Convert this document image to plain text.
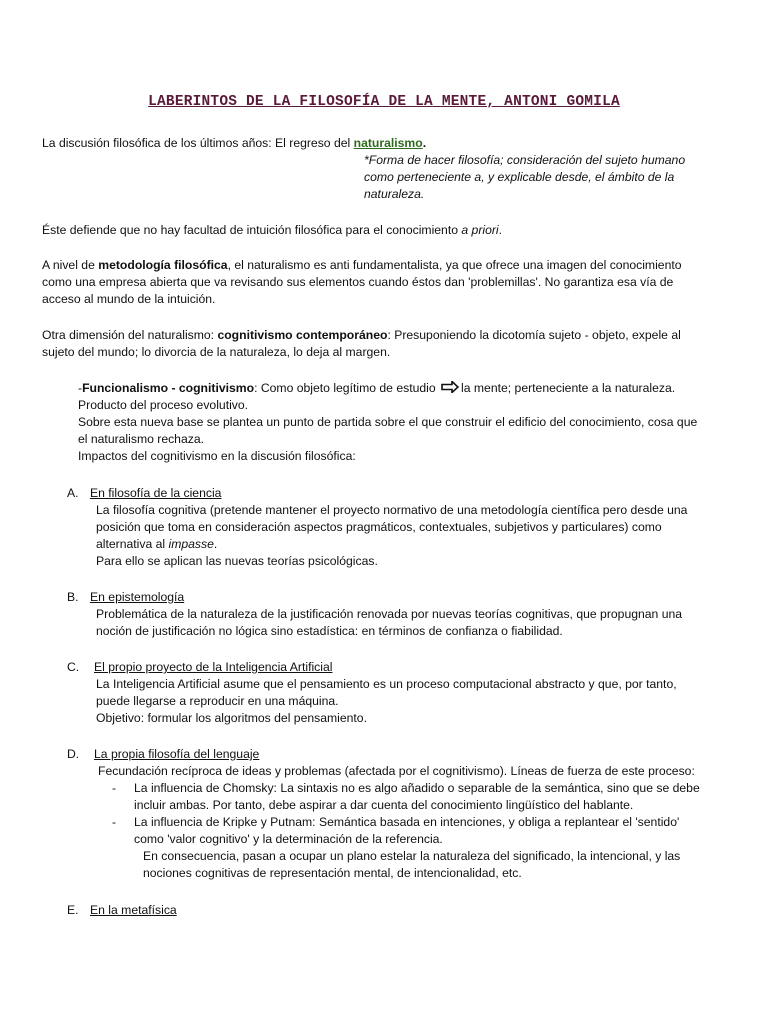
LABERINTOS DE LA FILOSOFÍA DE LA MENTE, ANTONI GOMILA
La discusión filosófica de los últimos años: El regreso del naturalismo.
*Forma de hacer filosofía; consideración del sujeto humano
como perteneciente a, y explicable desde, el ámbito de la
naturaleza.
Éste defiende que no hay facultad de intuición filosófica para el conocimiento a priori.
A nivel de metodología filosófica, el naturalismo es anti fundamentalista, ya que ofrece una imagen del conocimiento
como una empresa abierta que va revisando sus elementos cuando éstos dan 'problemillas'. No garantiza esa vía de
acceso al mundo de la intuición.
Otra dimensión del naturalismo: cognitivismo contemporáneo: Presuponiendo la dicotomía sujeto - objeto, expele al
sujeto del mundo; lo divorcia de la naturaleza, lo deja al margen.
-Funcionalismo - cognitivismo: Como objeto legítimo de estudio la mente; perteneciente a la naturaleza.
Producto del proceso evolutivo.
Sobre esta nueva base se plantea un punto de partida sobre el que construir el edificio del conocimiento, cosa que
el naturalismo rechaza.
Impactos del cognitivismo en la discusión filosófica:
A. En filosofía de la ciencia
La filosofía cognitiva (pretende mantener el proyecto normativo de una metodología científica pero desde una
posición que toma en consideración aspectos pragmáticos, contextuales, subjetivos y particulares) como
alternativa al impasse.
Para ello se aplican las nuevas teorías psicológicas.
B. En epistemología
Problemática de la naturaleza de la justificación renovada por nuevas teorías cognitivas, que propugnan una
noción de justificación no lógica sino estadística: en términos de confianza o fiabilidad.
C. El propio proyecto de la Inteligencia Artificial
La Inteligencia Artificial asume que el pensamiento es un proceso computacional abstracto y que, por tanto,
puede llegarse a reproducir en una máquina.
Objetivo: formular los algoritmos del pensamiento.
D. La propia filosofía del lenguaje
Fecundación recíproca de ideas y problemas (afectada por el cognitivismo). Líneas de fuerza de este proceso:
- La influencia de Chomsky: La sintaxis no es algo añadido o separable de la semántica, sino que se debe
incluir ambas. Por tanto, debe aspirar a dar cuenta del conocimiento lingüístico del hablante.
- La influencia de Kripke y Putnam: Semántica basada en intenciones, y obliga a replantear el 'sentido'
como 'valor cognitivo' y la determinación de la referencia.
En consecuencia, pasan a ocupar un plano estelar la naturaleza del significado, la intencional, y las
nociones cognitivas de representación mental, de intencionalidad, etc.
E. En la metafísica
